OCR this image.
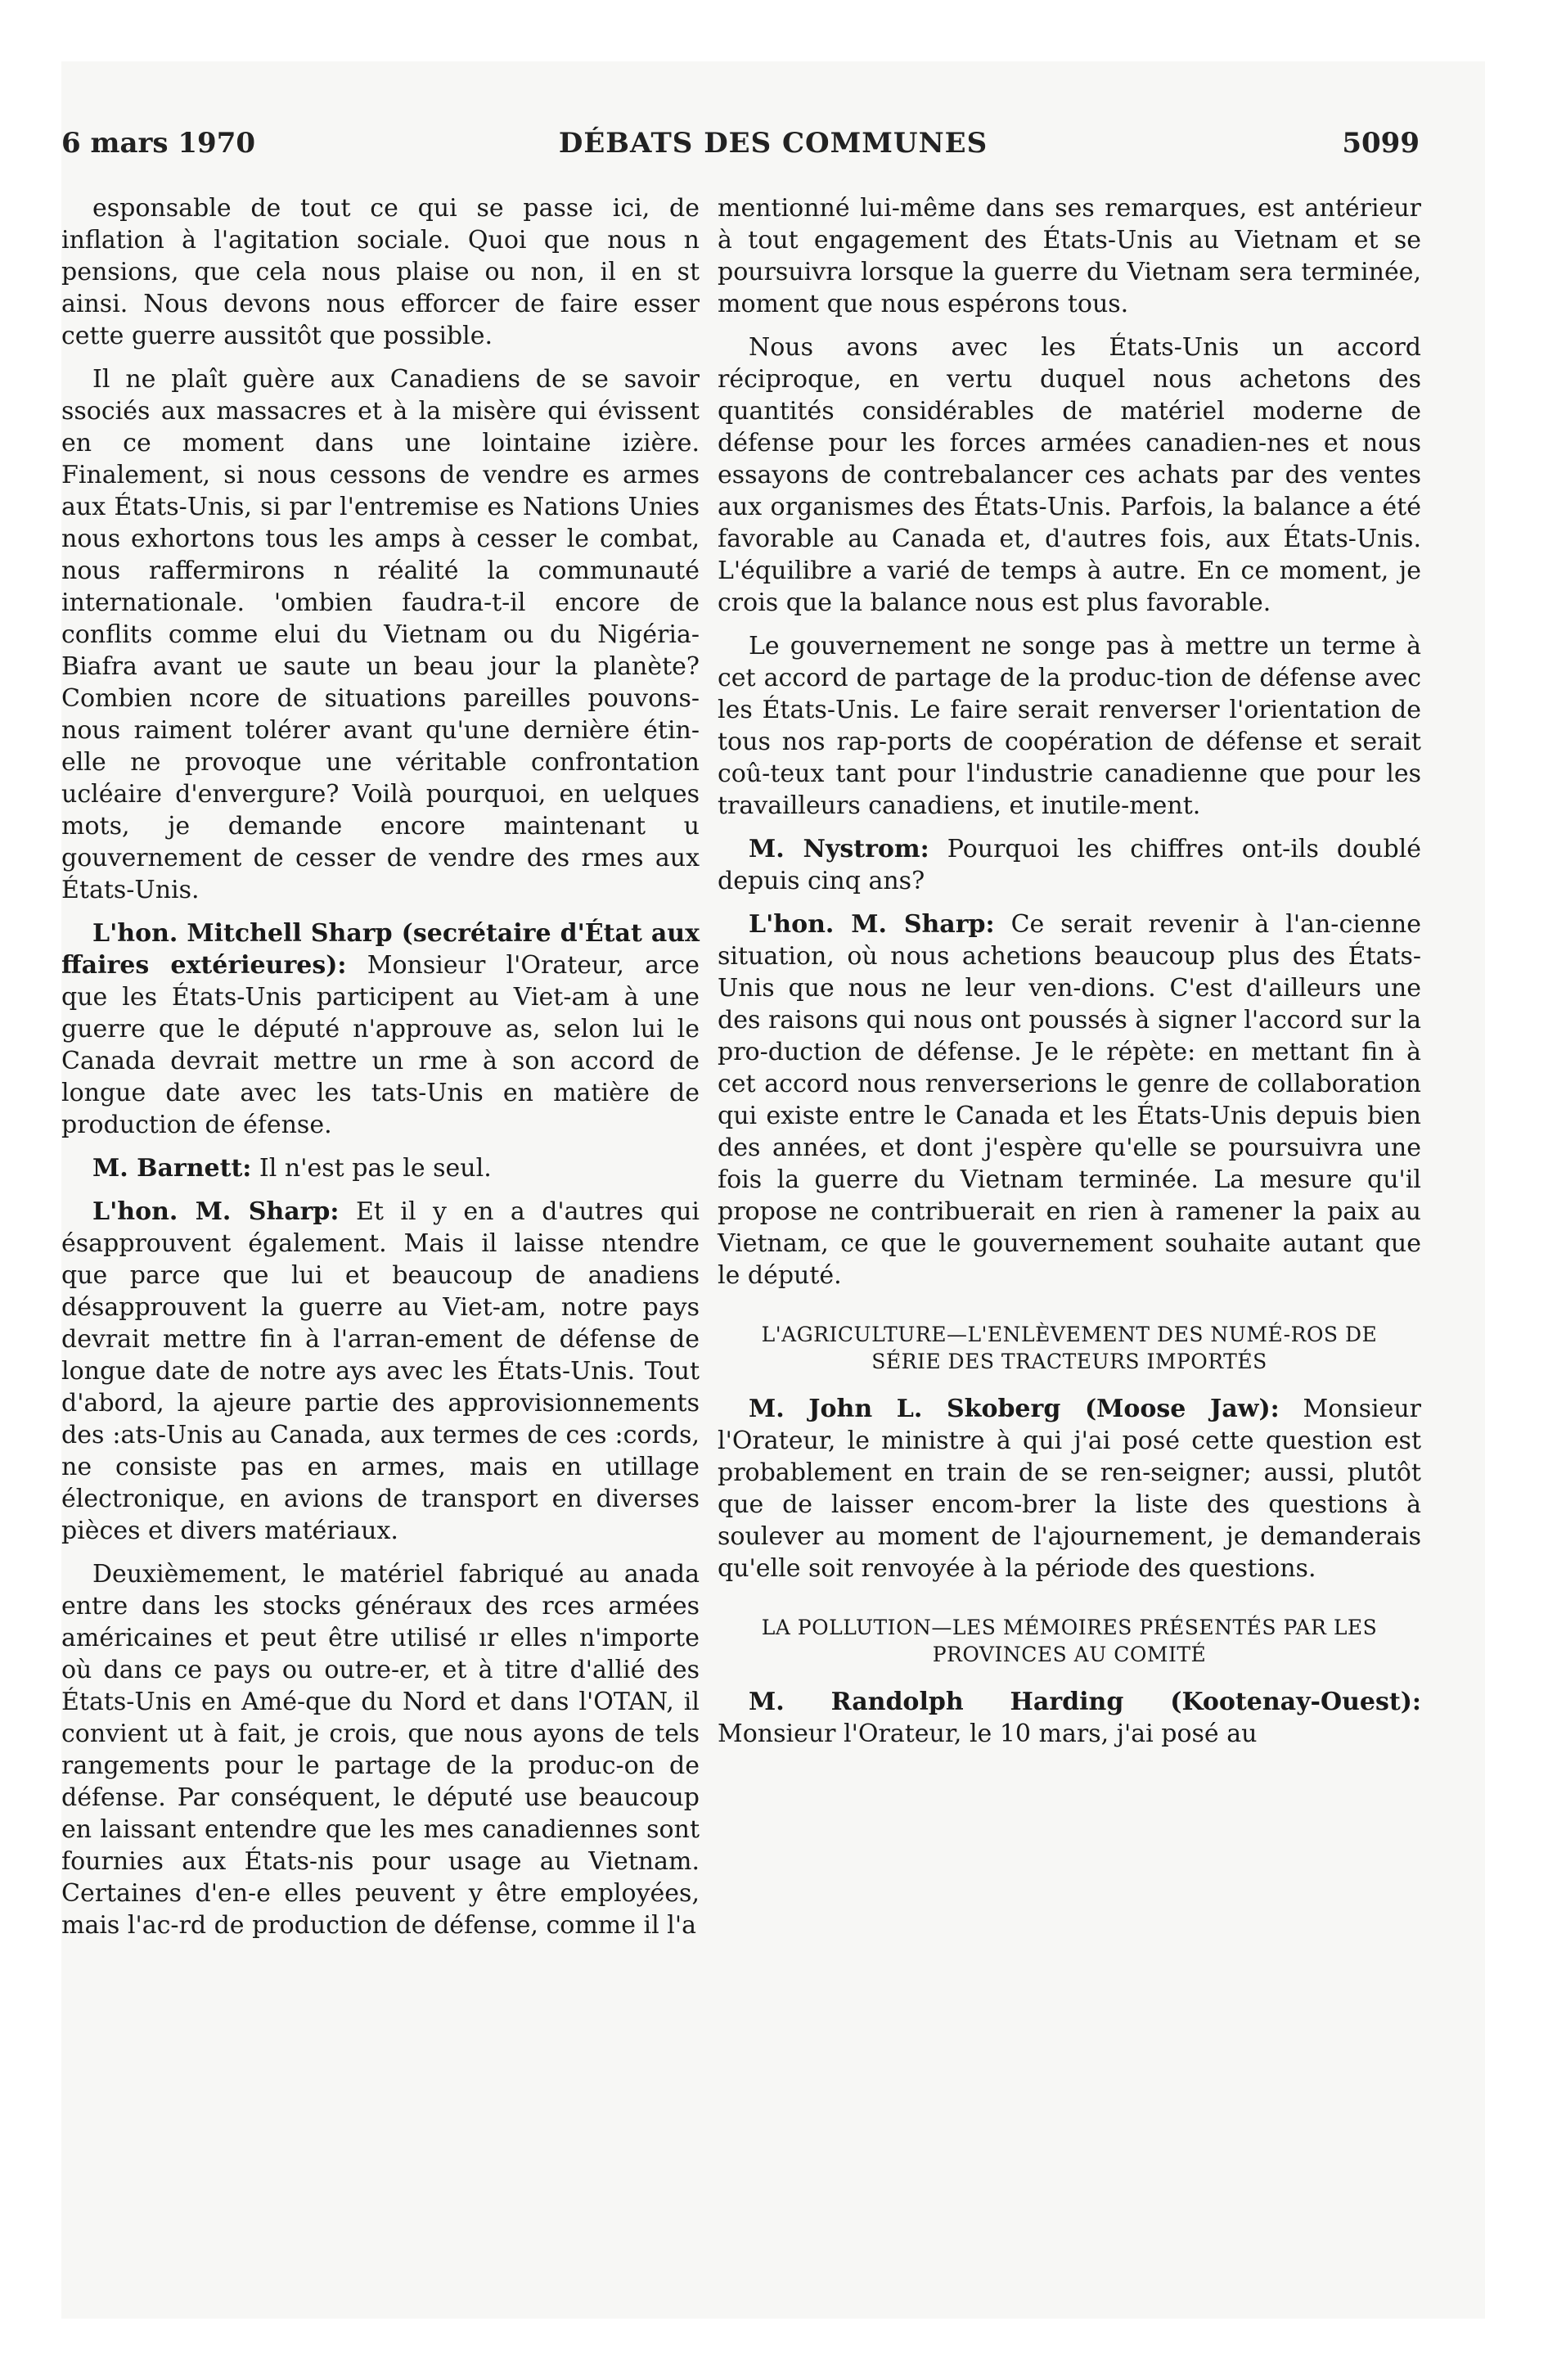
6 mars 1970	DÉBATS DES COMMUNES	5099

esponsable de tout ce qui se passe ici, de inflation à l'agitation sociale. Quoi que nous n pensions, que cela nous plaise ou non, il en st ainsi. Nous devons nous efforcer de faire esser cette guerre aussitôt que possible.

Il ne plaît guère aux Canadiens de se savoir ssociés aux massacres et à la misère qui évissent en ce moment dans une lointaine izière. Finalement, si nous cessons de vendre es armes aux États-Unis, si par l'entremise es Nations Unies nous exhortons tous les amps à cesser le combat, nous raffermirons n réalité la communauté internationale. 'ombien faudra-t-il encore de conflits comme elui du Vietnam ou du Nigéria-Biafra avant ue saute un beau jour la planète? Combien ncore de situations pareilles pouvons-nous raiment tolérer avant qu'une dernière étin-elle ne provoque une véritable confrontation ucléaire d'envergure? Voilà pourquoi, en uelques mots, je demande encore maintenant u gouvernement de cesser de vendre des rmes aux États-Unis.

L'hon. Mitchell Sharp (secrétaire d'État aux ffaires extérieures): Monsieur l'Orateur, arce que les États-Unis participent au Viet-am à une guerre que le député n'approuve as, selon lui le Canada devrait mettre un rme à son accord de longue date avec les tats-Unis en matière de production de éfense.

M. Barnett: Il n'est pas le seul.

L'hon. M. Sharp: Et il y en a d'autres qui ésapprouvent également. Mais il laisse ntendre que parce que lui et beaucoup de anadiens désapprouvent la guerre au Viet-am, notre pays devrait mettre fin à l'arran-ement de défense de longue date de notre ays avec les États-Unis. Tout d'abord, la ajeure partie des approvisionnements des :ats-Unis au Canada, aux termes de ces :cords, ne consiste pas en armes, mais en utillage électronique, en avions de transport en diverses pièces et divers matériaux.

Deuxièmement, le matériel fabriqué au anada entre dans les stocks généraux des rces armées américaines et peut être utilisé ır elles n'importe où dans ce pays ou outre-er, et à titre d'allié des États-Unis en Amé-que du Nord et dans l'OTAN, il convient ut à fait, je crois, que nous ayons de tels rangements pour le partage de la produc-on de défense. Par conséquent, le député use beaucoup en laissant entendre que les mes canadiennes sont fournies aux États-nis pour usage au Vietnam. Certaines d'en-e elles peuvent y être employées, mais l'ac-rd de production de défense, comme il l'a

mentionné lui-même dans ses remarques, est antérieur à tout engagement des États-Unis au Vietnam et se poursuivra lorsque la guerre du Vietnam sera terminée, moment que nous espérons tous.

Nous avons avec les États-Unis un accord réciproque, en vertu duquel nous achetons des quantités considérables de matériel moderne de défense pour les forces armées canadien-nes et nous essayons de contrebalancer ces achats par des ventes aux organismes des États-Unis. Parfois, la balance a été favorable au Canada et, d'autres fois, aux États-Unis. L'équilibre a varié de temps à autre. En ce moment, je crois que la balance nous est plus favorable.

Le gouvernement ne songe pas à mettre un terme à cet accord de partage de la produc-tion de défense avec les États-Unis. Le faire serait renverser l'orientation de tous nos rap-ports de coopération de défense et serait coû-teux tant pour l'industrie canadienne que pour les travailleurs canadiens, et inutile-ment.

M. Nystrom: Pourquoi les chiffres ont-ils doublé depuis cinq ans?

L'hon. M. Sharp: Ce serait revenir à l'an-cienne situation, où nous achetions beaucoup plus des États-Unis que nous ne leur ven-dions. C'est d'ailleurs une des raisons qui nous ont poussés à signer l'accord sur la pro-duction de défense. Je le répète: en mettant fin à cet accord nous renverserions le genre de collaboration qui existe entre le Canada et les États-Unis depuis bien des années, et dont j'espère qu'elle se poursuivra une fois la guerre du Vietnam terminée. La mesure qu'il propose ne contribuerait en rien à ramener la paix au Vietnam, ce que le gouvernement souhaite autant que le député.

L'AGRICULTURE—L'ENLÈVEMENT DES NUMÉ-ROS DE SÉRIE DES TRACTEURS IMPORTÉS

M. John L. Skoberg (Moose Jaw): Monsieur l'Orateur, le ministre à qui j'ai posé cette question est probablement en train de se ren-seigner; aussi, plutôt que de laisser encom-brer la liste des questions à soulever au moment de l'ajournement, je demanderais qu'elle soit renvoyée à la période des questions.

LA POLLUTION—LES MÉMOIRES PRÉSENTÉS PAR LES PROVINCES AU COMITÉ

M. Randolph Harding (Kootenay-Ouest): Monsieur l'Orateur, le 10 mars, j'ai posé au
